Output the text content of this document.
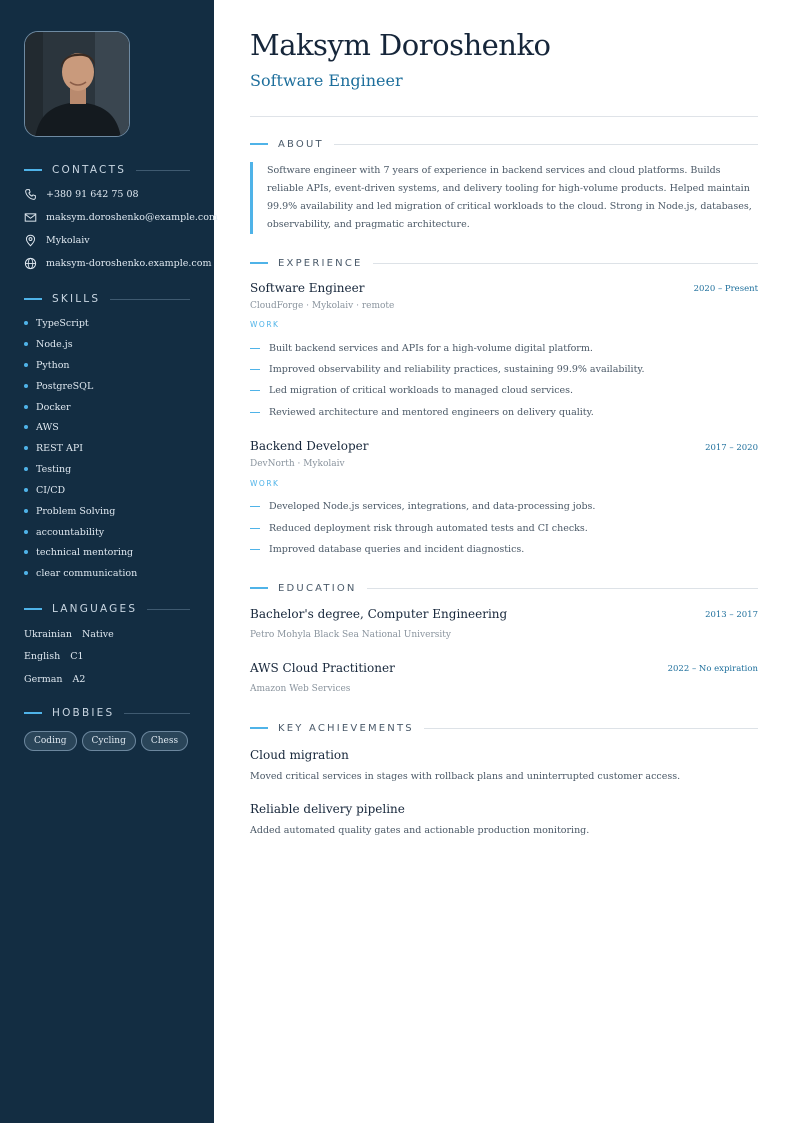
CONTACTS
+380 91 642 75 08
maksym.doroshenko@example.com
Mykolaiv
maksym-doroshenko.example.com
SKILLS
TypeScript
Node.js
Python
PostgreSQL
Docker
AWS
REST API
Testing
CI/CD
Problem Solving
accountability
technical mentoring
clear communication
LANGUAGES
Ukrainian Native
English C1
German A2
HOBBIES
Coding	Cycling	Chess
Maksym Doroshenko
Software Engineer
ABOUT
Software engineer with 7 years of experience in backend services and cloud platforms. Builds reliable APIs, event-driven systems, and delivery tooling for high-volume products. Helped maintain 99.9% availability and led migration of critical workloads to the cloud. Strong in Node.js, databases, observability, and pragmatic architecture.
EXPERIENCE
Software Engineer	2020 – Present
CloudForge · Mykolaiv · remote
WORK
Built backend services and APIs for a high-volume digital platform.
Improved observability and reliability practices, sustaining 99.9% availability.
Led migration of critical workloads to managed cloud services.
Reviewed architecture and mentored engineers on delivery quality.
Backend Developer	2017 – 2020
DevNorth · Mykolaiv
WORK
Developed Node.js services, integrations, and data-processing jobs.
Reduced deployment risk through automated tests and CI checks.
Improved database queries and incident diagnostics.
EDUCATION
Bachelor's degree, Computer Engineering	2013 – 2017
Petro Mohyla Black Sea National University
AWS Cloud Practitioner	2022 – No expiration
Amazon Web Services
KEY ACHIEVEMENTS
Cloud migration
Moved critical services in stages with rollback plans and uninterrupted customer access.
Reliable delivery pipeline
Added automated quality gates and actionable production monitoring.
